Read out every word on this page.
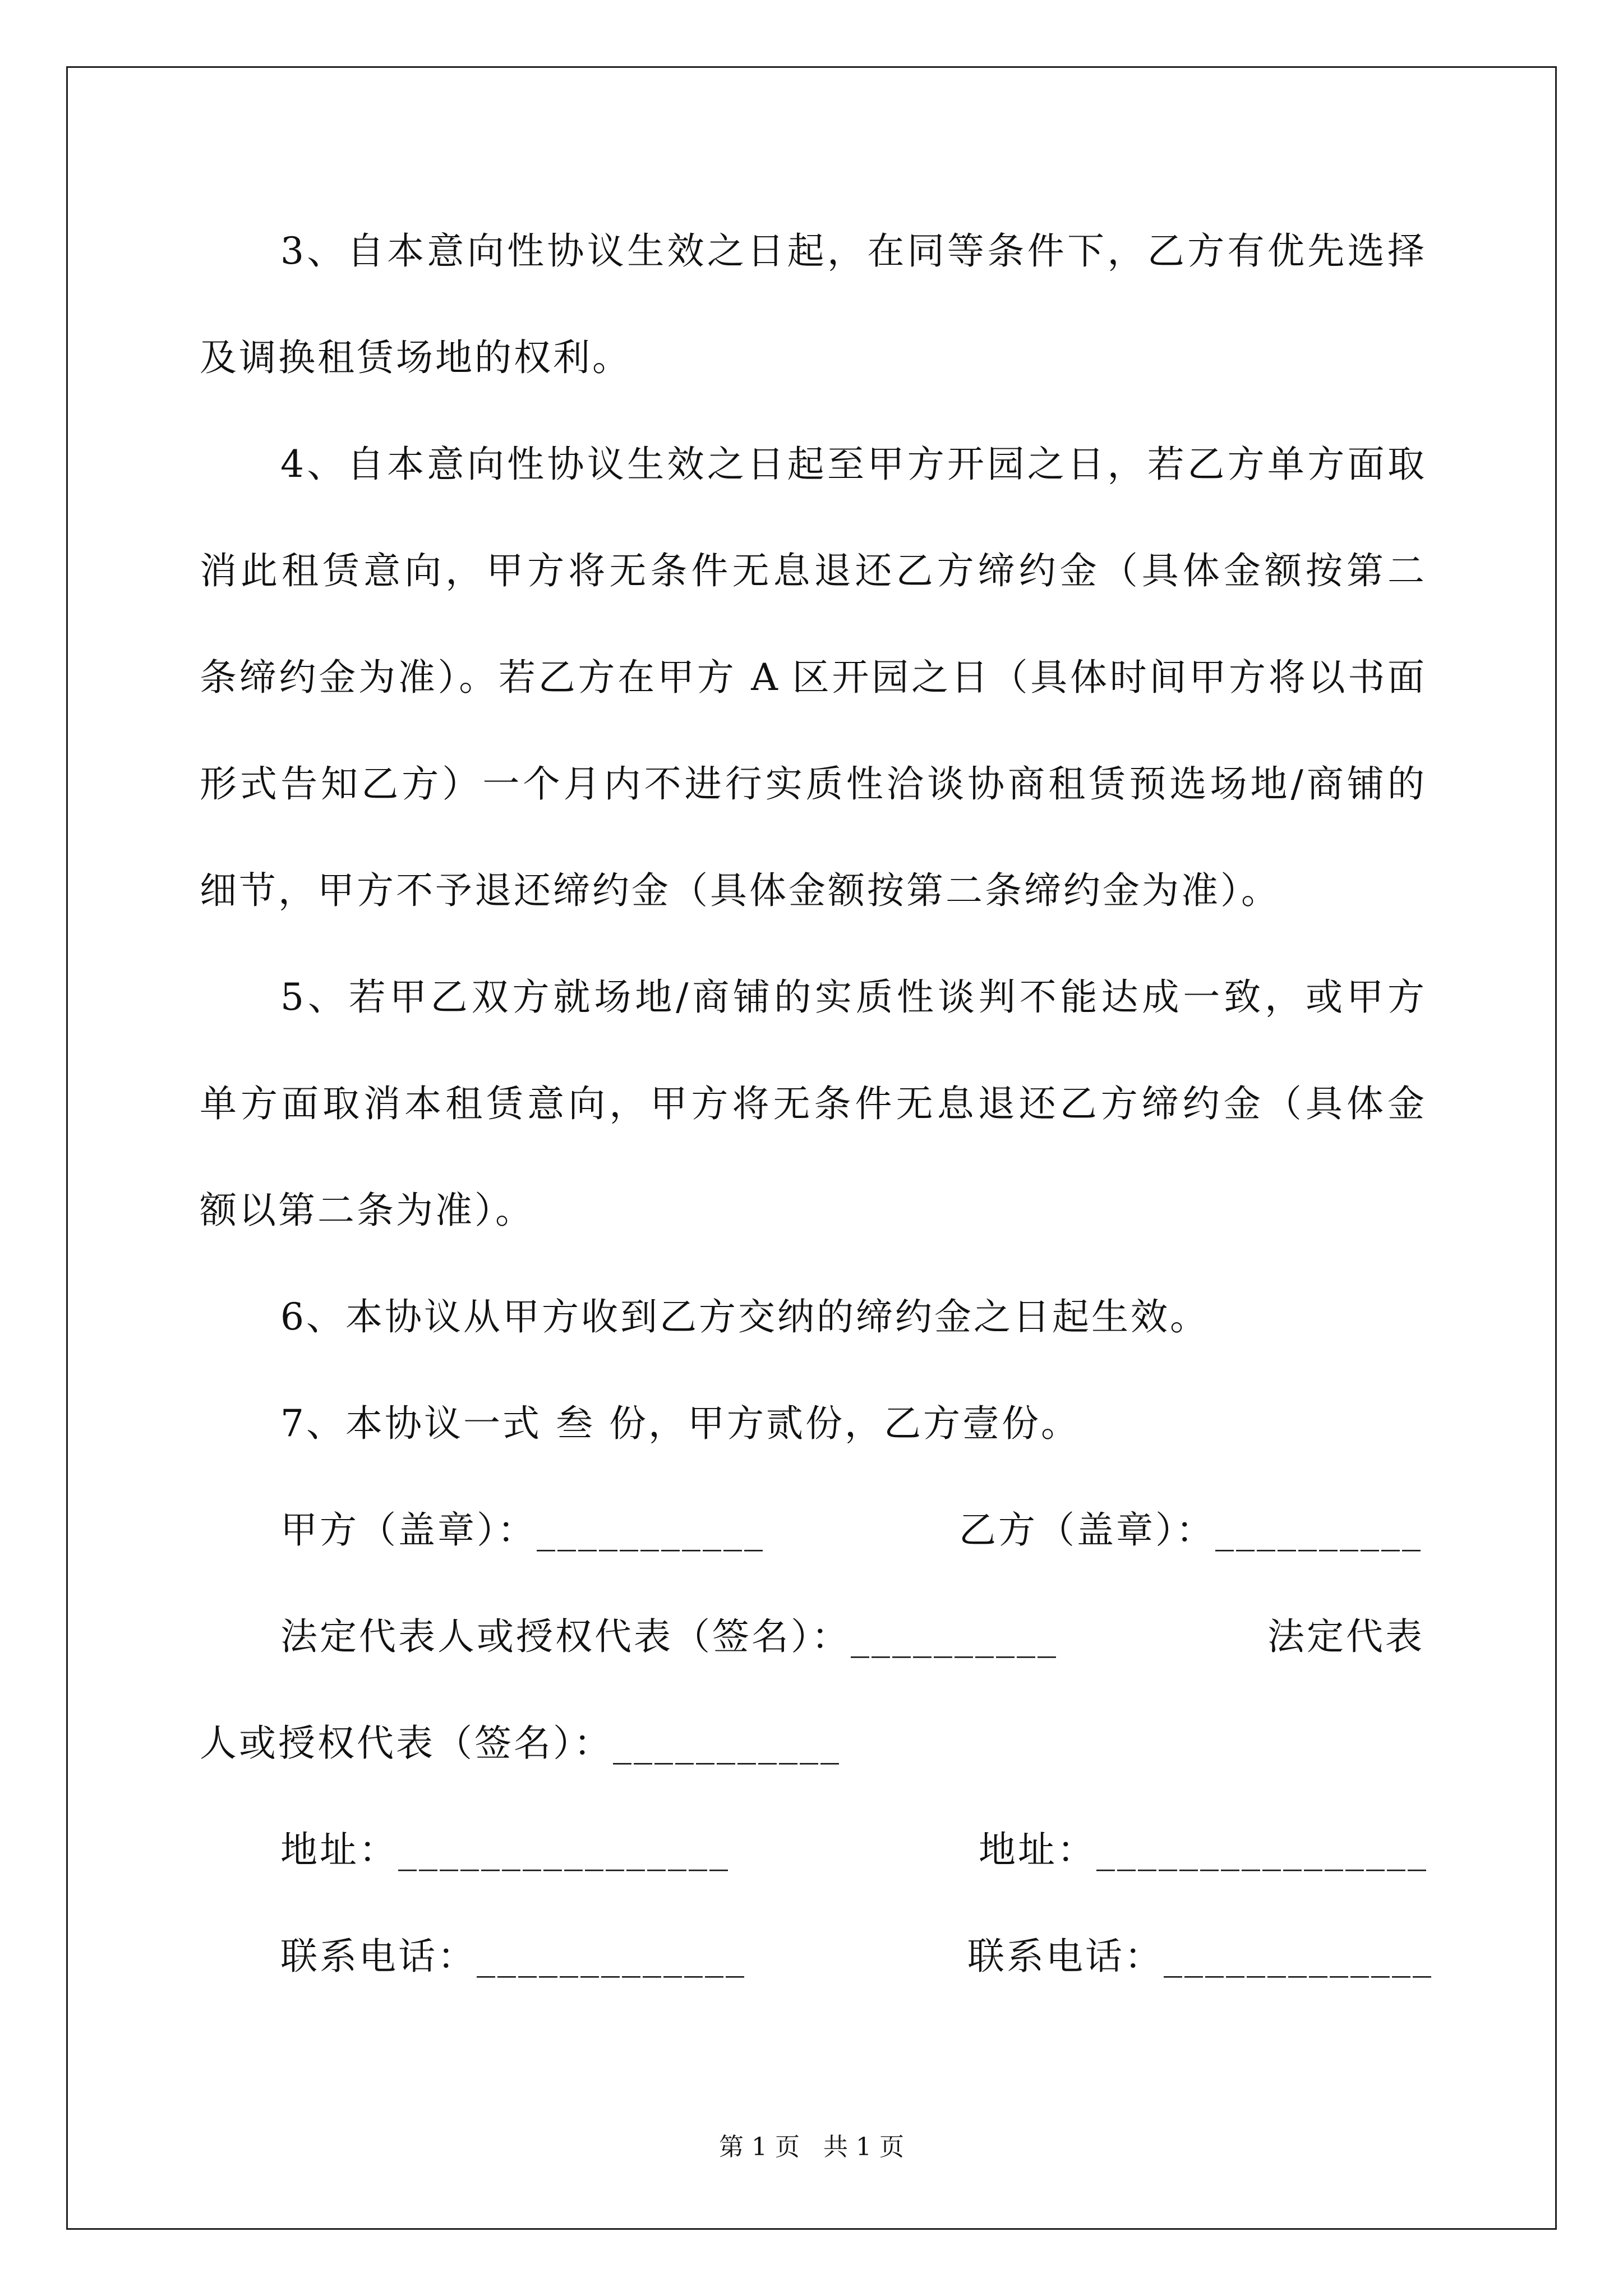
3、自本意向性协议生效之日起，在同等条件下，乙方有优先选择
及调换租赁场地的权利。
4、自本意向性协议生效之日起至甲方开园之日，若乙方单方面取
消此租赁意向，甲方将无条件无息退还乙方缔约金（具体金额按第二
条缔约金为准）。若乙方在甲方 A 区开园之日（具体时间甲方将以书面
形式告知乙方）一个月内不进行实质性洽谈协商租赁预选场地/商铺的
细节，甲方不予退还缔约金（具体金额按第二条缔约金为准）。
5、若甲乙双方就场地/商铺的实质性谈判不能达成一致，或甲方
单方面取消本租赁意向，甲方将无条件无息退还乙方缔约金（具体金
额以第二条为准）。
6、本协议从甲方收到乙方交纳的缔约金之日起生效。
7、本协议一式 叁 份，甲方贰份，乙方壹份。
甲方（盖章）：___________	乙方（盖章）：__________
法定代表人或授权代表（签名）：__________	法定代表
人或授权代表（签名）：___________
地址：________________	地址：________________
联系电话：_____________	联系电话：_____________
第 1 页   共 1 页
